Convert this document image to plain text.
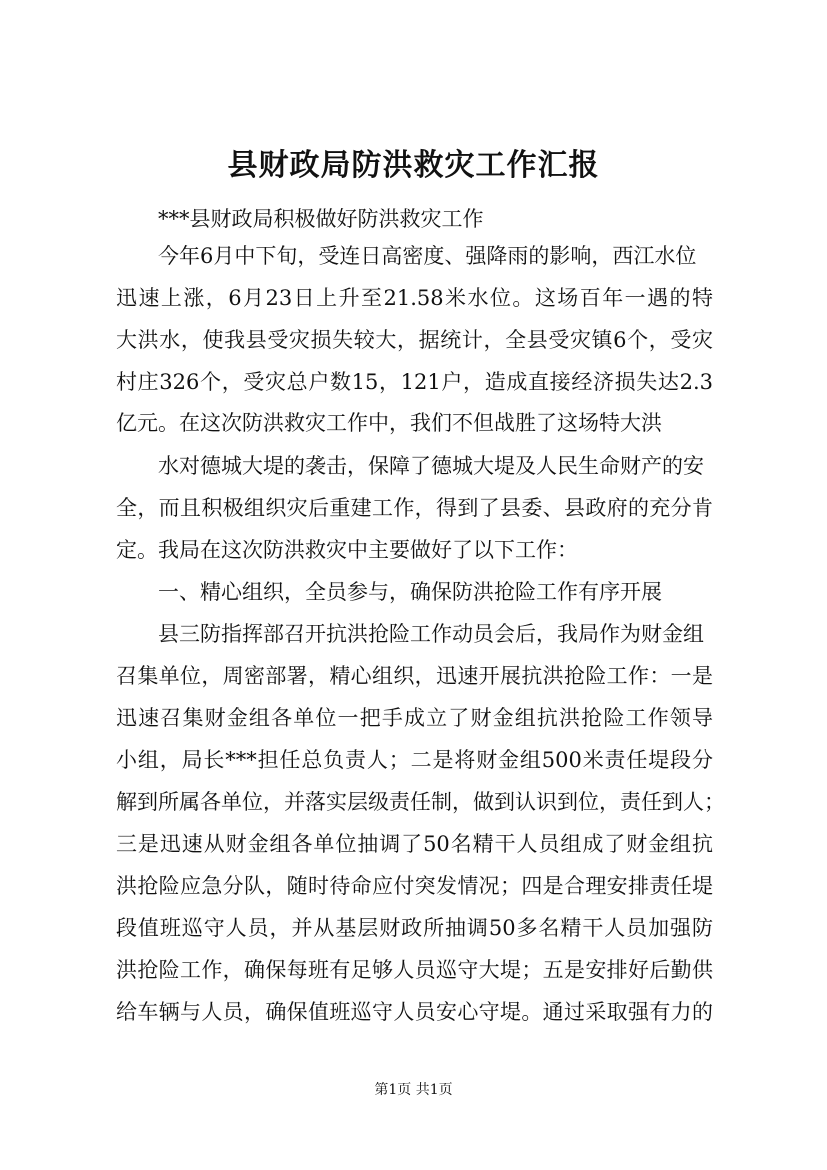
县财政局防洪救灾工作汇报
***县财政局积极做好防洪救灾工作
今年6月中下旬，受连日高密度、强降雨的影响，西江水位
迅速上涨，6月23日上升至21.58米水位。这场百年一遇的特
大洪水，使我县受灾损失较大，据统计，全县受灾镇6个，受灾
村庄326个，受灾总户数15，121户，造成直接经济损失达2.3
亿元。在这次防洪救灾工作中，我们不但战胜了这场特大洪
水对德城大堤的袭击，保障了德城大堤及人民生命财产的安
全，而且积极组织灾后重建工作，得到了县委、县政府的充分肯
定。我局在这次防洪救灾中主要做好了以下工作：
一、精心组织，全员参与，确保防洪抢险工作有序开展
县三防指挥部召开抗洪抢险工作动员会后，我局作为财金组
召集单位，周密部署，精心组织，迅速开展抗洪抢险工作：一是
迅速召集财金组各单位一把手成立了财金组抗洪抢险工作领导
小组，局长***担任总负责人；二是将财金组500米责任堤段分
解到所属各单位，并落实层级责任制，做到认识到位，责任到人；
三是迅速从财金组各单位抽调了50名精干人员组成了财金组抗
洪抢险应急分队，随时待命应付突发情况；四是合理安排责任堤
段值班巡守人员，并从基层财政所抽调50多名精干人员加强防
洪抢险工作，确保每班有足够人员巡守大堤；五是安排好后勤供
给车辆与人员，确保值班巡守人员安心守堤。通过采取强有力的
第1页 共1页
